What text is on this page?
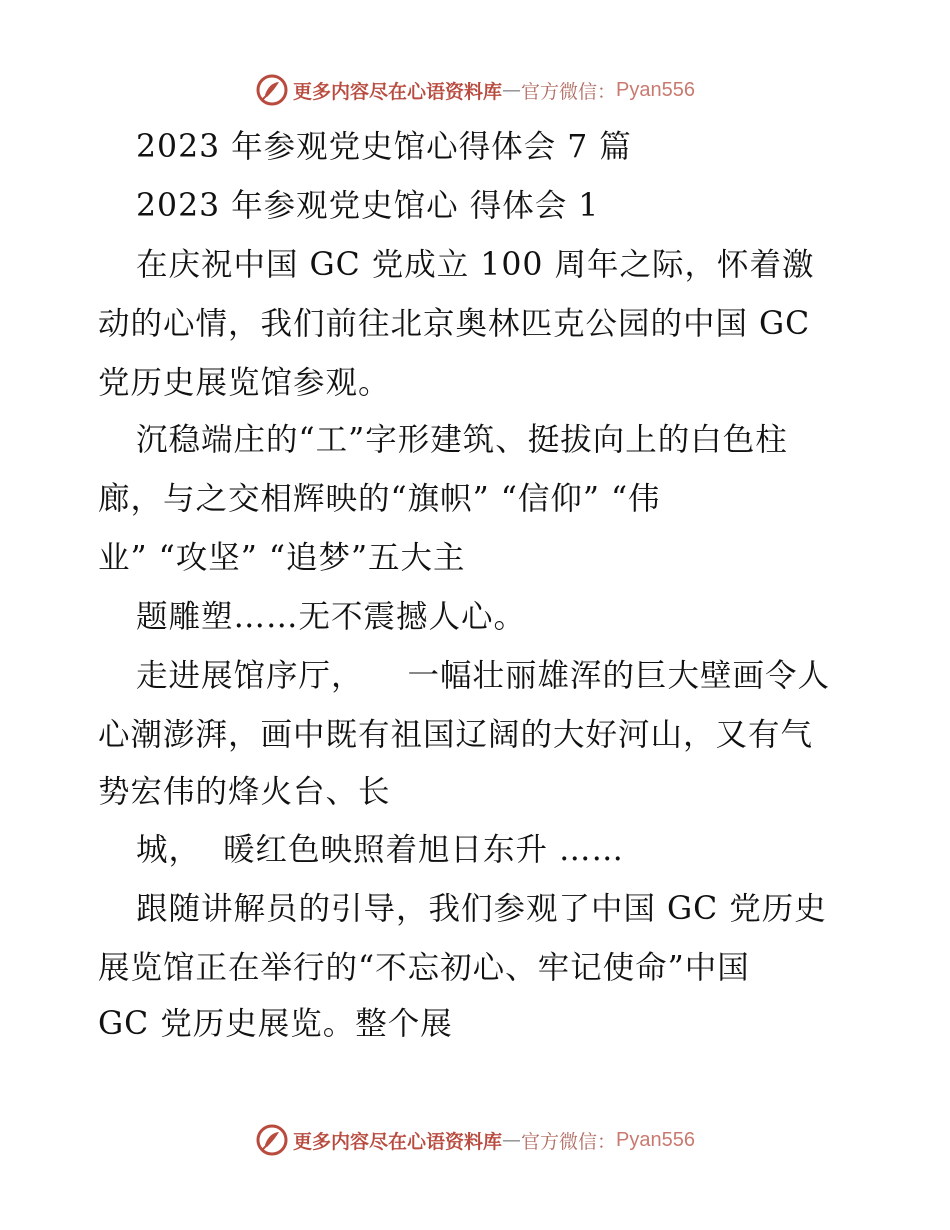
更多内容尽在心语资料库 — 官方微信： Pyan556
2023 年参观党史馆心得体会 7 篇
2023 年参观党史馆心 得体会 1
在庆祝中国 GC 党成立 100 周年之际，怀着激
动的心情，我们前往北京奥林匹克公园的中国 GC
党历史展览馆参观。
沉稳端庄的“工”字形建筑、挺拔向上的白色柱
廊，与之交相辉映的“旗帜” “信仰” “伟
业” “攻坚” “追梦”五大主
题雕塑……无不震撼人心。
走进展馆序厅，    一幅壮丽雄浑的巨大壁画令人
心潮澎湃，画中既有祖国辽阔的大好河山，又有气
势宏伟的烽火台、长
城，  暖红色映照着旭日东升 ……
跟随讲解员的引导，我们参观了中国 GC 党历史
展览馆正在举行的“不忘初心、牢记使命”中国
GC 党历史展览。整个展
更多内容尽在心语资料库 — 官方微信： Pyan556
